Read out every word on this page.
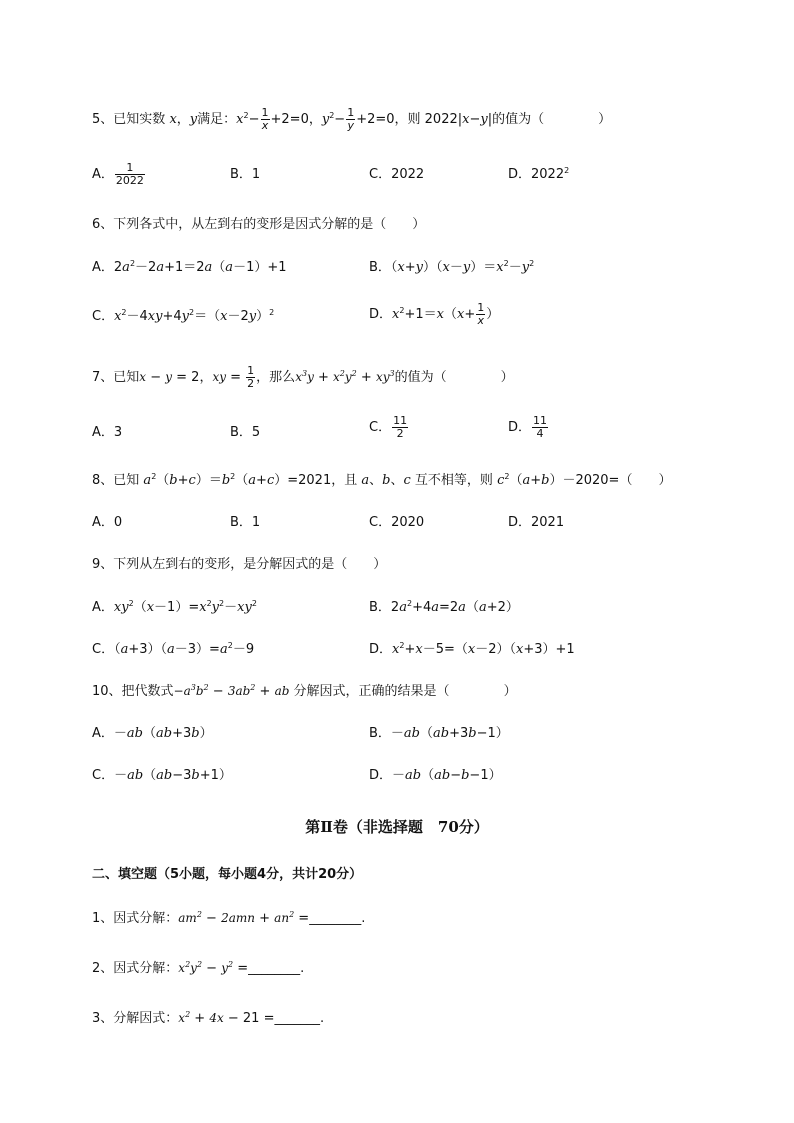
5、已知实数 x，y满足：$x^2- \frac{1}{x} +2=0$，$y^2- \frac{1}{y} +2=0$，则 2022|x−y|的值为（	）
A． $\frac{1}{2022}$	B．1	C．2022	D．2022$^2$
6、下列各式中，从左到右的变形是因式分解的是（ ）
A．$2a^2-2a+1=2a(a-1)+1$	B．$(x+y)(x-y)=x^2-y^2$
C．$x^2-4xy+4y^2=(x-2y)^2$	D．$x^2+1=x(x+ \frac{1}{x}$ ）
7、已知x − y = 2，xy = $\frac{1}{2}$ ，那么$x^3y + x^2y^2 + xy^3$的值为（	）
A．3	B．5	C． $\frac{11}{2}$	D． $\frac{11}{4}$
8、已知 $a^2(b+c)=b^2(a+c)=2021$，且 a、b、c 互不相等，则 $c^2(a+b)-2020=$（ ）
A．0	B．1	C．2020	D．2021
9、下列从左到右的变形，是分解因式的是（ ）
A．$xy^2(x-1)=x^2y^2-xy^2$	B．$2a^2+4a=2a(a+2)$
C．$(a+3)(a-3)=a^2-9$	D．$x^2+x-5=(x-2)(x+3)+1$
10、把代数式$-a^3b^2 - 3ab^2$ + ab 分解因式，正确的结果是（	）
A．－ab（ab+3b）	B．－ab（ab+3b−1）
C．－ab（ab−3b+1）	D．－ab（ab−b−1）
第Ⅱ卷（非选择题　70分）
二、填空题（5小题，每小题4分，共计20分）
1、因式分解：$am^2 - 2amn + an^2$ =________.
2、因式分解：$x^2y^2 - y^2$ =________.
3、分解因式：$x^2 + 4x - 21$ =_______.
